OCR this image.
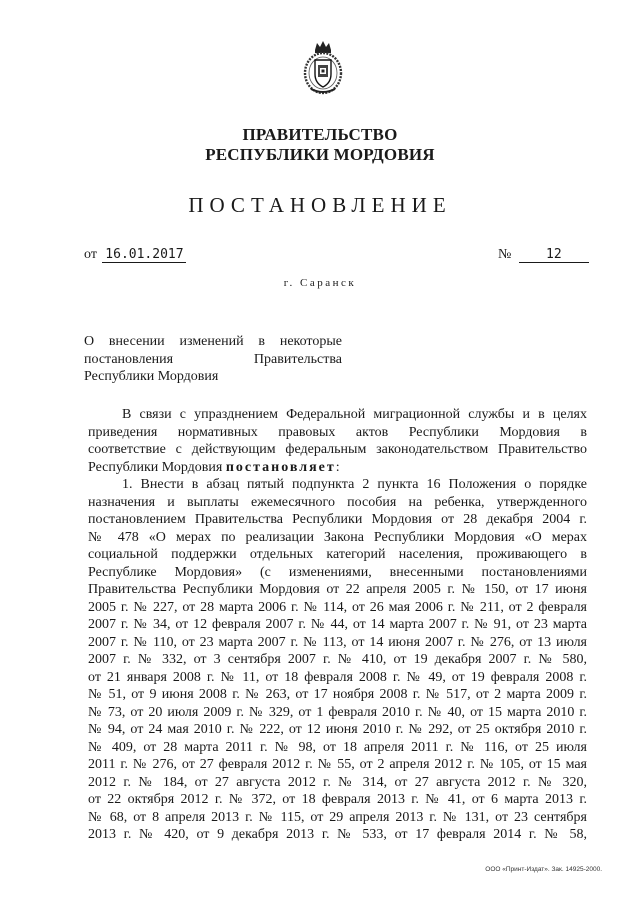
ПРАВИТЕЛЬСТВО
РЕСПУБЛИКИ МОРДОВИЯ
ПОСТАНОВЛЕНИЕ
от 16.01.2017	№	12
г. Саранск
О внесении изменений в некоторые
постановления Правительства
Республики Мордовия
В связи с упразднением Федеральной миграционной службы и в целях
приведения нормативных правовых актов Республики Мордовия в
соответствие с действующим федеральным законодательством Правительство
Республики Мордовия постановляет:
1. Внести в абзац пятый подпункта 2 пункта 16 Положения о порядке
назначения и выплаты ежемесячного пособия на ребенка, утвержденного
постановлением Правительства Республики Мордовия от 28 декабря 2004 г.
№ 478 «О мерах по реализации Закона Республики Мордовия «О мерах
социальной поддержки отдельных категорий населения, проживающего в
Республике Мордовия» (с изменениями, внесенными постановлениями
Правительства Республики Мордовия от 22 апреля 2005 г. № 150, от 17 июня
2005 г. № 227, от 28 марта 2006 г. № 114, от 26 мая 2006 г. № 211, от 2 февраля
2007 г. № 34, от 12 февраля 2007 г. № 44, от 14 марта 2007 г. № 91, от 23 марта
2007 г. № 110, от 23 марта 2007 г. № 113, от 14 июня 2007 г. № 276, от 13 июля
2007 г. № 332, от 3 сентября 2007 г. № 410, от 19 декабря 2007 г. № 580,
от 21 января 2008 г. № 11, от 18 февраля 2008 г. № 49, от 19 февраля 2008 г.
№ 51, от 9 июня 2008 г. № 263, от 17 ноября 2008 г. № 517, от 2 марта 2009 г.
№ 73, от 20 июля 2009 г. № 329, от 1 февраля 2010 г. № 40, от 15 марта 2010 г.
№ 94, от 24 мая 2010 г. № 222, от 12 июня 2010 г. № 292, от 25 октября 2010 г.
№ 409, от 28 марта 2011 г. № 98, от 18 апреля 2011 г. № 116, от 25 июля
2011 г. № 276, от 27 февраля 2012 г. № 55, от 2 апреля 2012 г. № 105, от 15 мая
2012 г. № 184, от 27 августа 2012 г. № 314, от 27 августа 2012 г. № 320,
от 22 октября 2012 г. № 372, от 18 февраля 2013 г. № 41, от 6 марта 2013 г.
№ 68, от 8 апреля 2013 г. № 115, от 29 апреля 2013 г. № 131, от 23 сентября
2013 г. № 420, от 9 декабря 2013 г. № 533, от 17 февраля 2014 г. № 58,
ООО «Принт-Издат». Зак. 14925-2000.
